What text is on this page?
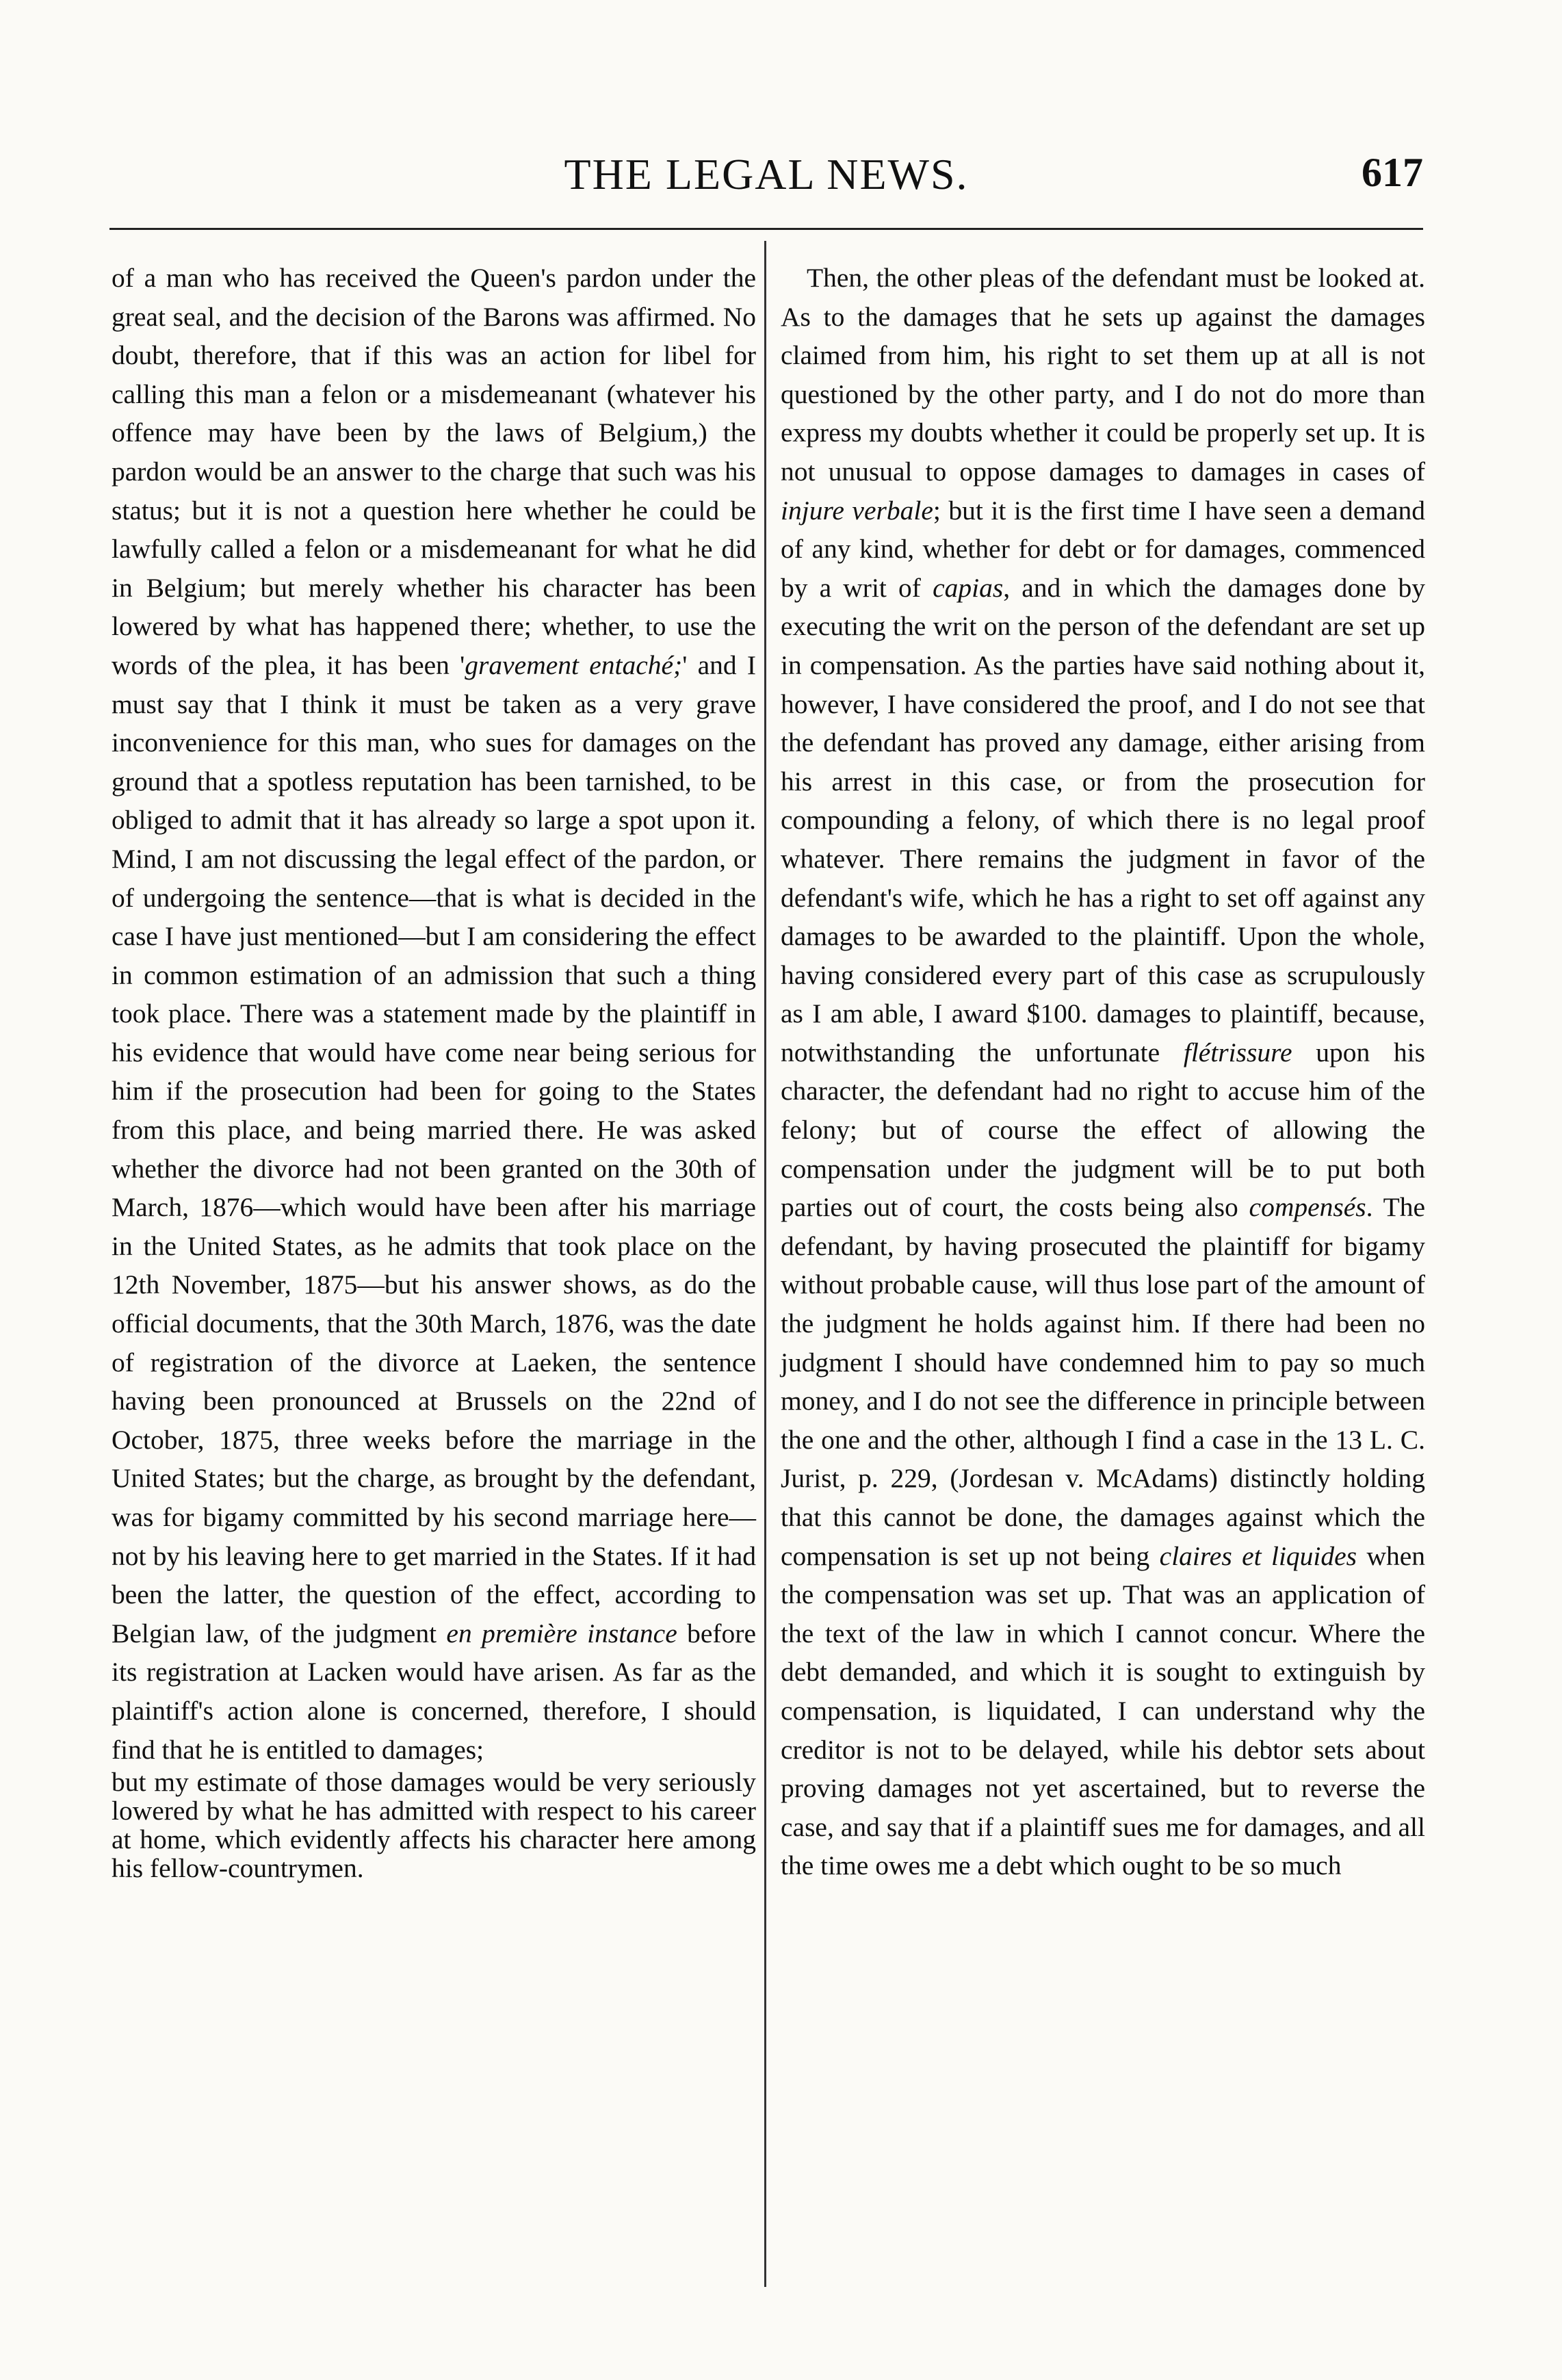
THE LEGAL NEWS.	617

of a man who has received the Queen's pardon under the great seal, and the decision of the Barons was affirmed. No doubt, therefore, that if this was an action for libel for calling this man a felon or a misdemeanant (whatever his offence may have been by the laws of Belgium,) the pardon would be an answer to the charge that such was his status; but it is not a question here whether he could be lawfully called a felon or a misdemeanant for what he did in Belgium; but merely whether his character has been lowered by what has happened there; whether, to use the words of the plea, it has been 'gravement entaché;' and I must say that I think it must be taken as a very grave inconvenience for this man, who sues for damages on the ground that a spotless reputation has been tarnished, to be obliged to admit that it has already so large a spot upon it. Mind, I am not discussing the legal effect of the pardon, or of undergoing the sentence—that is what is decided in the case I have just mentioned—but I am considering the effect in common estimation of an admission that such a thing took place. There was a statement made by the plaintiff in his evidence that would have come near being serious for him if the prosecution had been for going to the States from this place, and being married there. He was asked whether the divorce had not been granted on the 30th of March, 1876—which would have been after his marriage in the United States, as he admits that took place on the 12th November, 1875—but his answer shows, as do the official documents, that the 30th March, 1876, was the date of registration of the divorce at Laeken, the sentence having been pronounced at Brussels on the 22nd of October, 1875, three weeks before the marriage in the United States; but the charge, as brought by the defendant, was for bigamy committed by his second marriage here—not by his leaving here to get married in the States. If it had been the latter, the question of the effect, according to Belgian law, of the judgment en première instance before its registration at Lacken would have arisen. As far as the plaintiff's action alone is concerned, therefore, I should find that he is entitled to damages;

but my estimate of those damages would be very seriously lowered by what he has admitted with respect to his career at home, which evidently affects his character here among his fellow-countrymen.

Then, the other pleas of the defendant must be looked at. As to the damages that he sets up against the damages claimed from him, his right to set them up at all is not questioned by the other party, and I do not do more than express my doubts whether it could be properly set up. It is not unusual to oppose damages to damages in cases of injure verbale; but it is the first time I have seen a demand of any kind, whether for debt or for damages, commenced by a writ of capias, and in which the damages done by executing the writ on the person of the defendant are set up in compensation. As the parties have said nothing about it, however, I have considered the proof, and I do not see that the defendant has proved any damage, either arising from his arrest in this case, or from the prosecution for compounding a felony, of which there is no legal proof whatever. There remains the judgment in favor of the defendant's wife, which he has a right to set off against any damages to be awarded to the plaintiff. Upon the whole, having considered every part of this case as scrupulously as I am able, I award $100. damages to plaintiff, because, notwithstanding the unfortunate flétrissure upon his character, the defendant had no right to accuse him of the felony; but of course the effect of allowing the compensation under the judgment will be to put both parties out of court, the costs being also compensés. The defendant, by having prosecuted the plaintiff for bigamy without probable cause, will thus lose part of the amount of the judgment he holds against him. If there had been no judgment I should have condemned him to pay so much money, and I do not see the difference in principle between the one and the other, although I find a case in the 13 L. C. Jurist, p. 229, (Jordesan v. McAdams) distinctly holding that this cannot be done, the damages against which the compensation is set up not being claires et liquides when the compensation was set up. That was an application of the text of the law in which I cannot concur. Where the debt demanded, and which it is sought to extinguish by compensation, is liquidated, I can understand why the creditor is not to be delayed, while his debtor sets about proving damages not yet ascertained, but to reverse the case, and say that if a plaintiff sues me for damages, and all the time owes me a debt which ought to be so much
